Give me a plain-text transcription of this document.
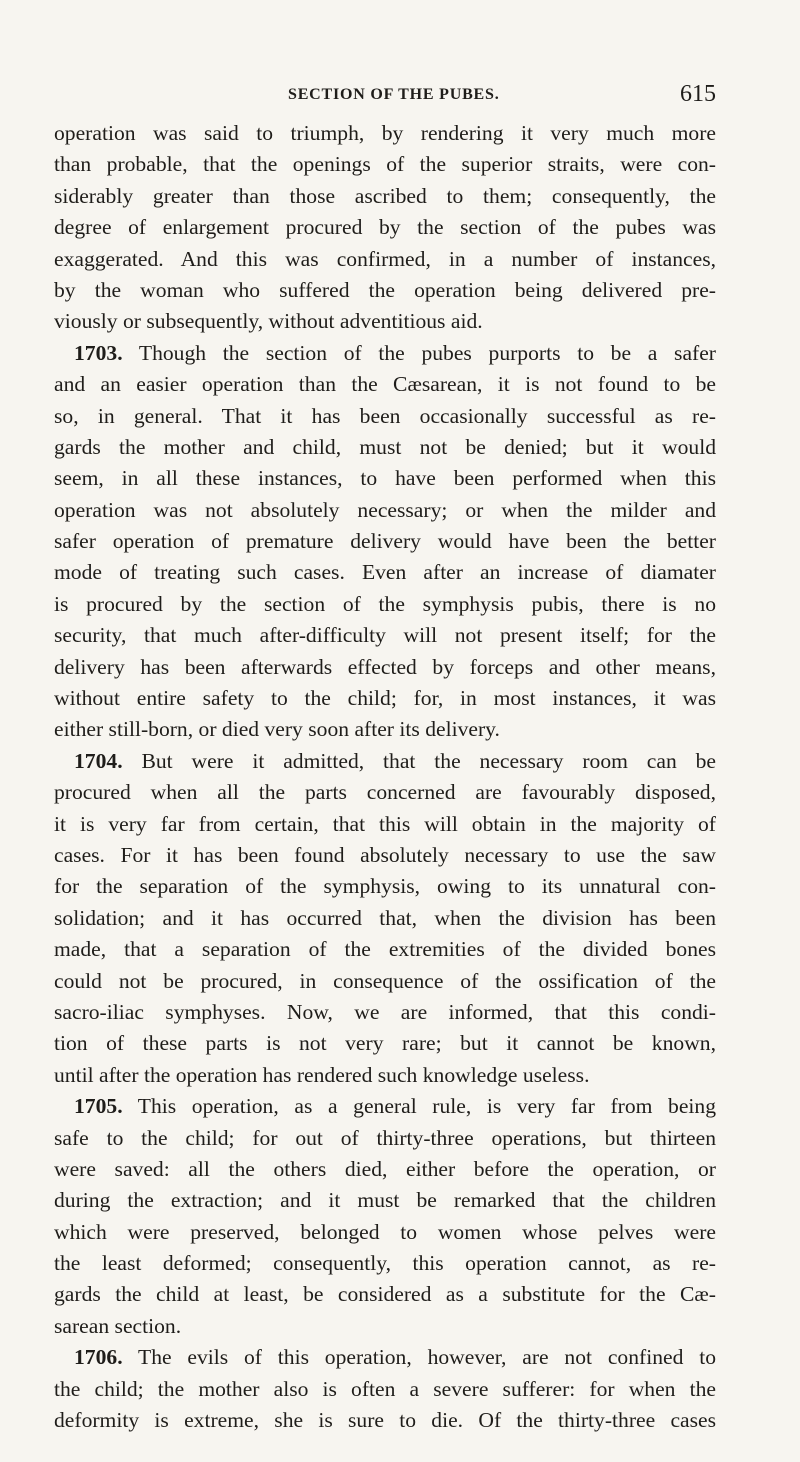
SECTION OF THE PUBES.	615
operation was said to triumph, by rendering it very much more
than probable, that the openings of the superior straits, were con-
siderably greater than those ascribed to them; consequently, the
degree of enlargement procured by the section of the pubes was
exaggerated. And this was confirmed, in a number of instances,
by the woman who suffered the operation being delivered pre-
viously or subsequently, without adventitious aid.
1703. Though the section of the pubes purports to be a safer
and an easier operation than the Cæsarean, it is not found to be
so, in general. That it has been occasionally successful as re-
gards the mother and child, must not be denied; but it would
seem, in all these instances, to have been performed when this
operation was not absolutely necessary; or when the milder and
safer operation of premature delivery would have been the better
mode of treating such cases. Even after an increase of diamater
is procured by the section of the symphysis pubis, there is no
security, that much after-difficulty will not present itself; for the
delivery has been afterwards effected by forceps and other means,
without entire safety to the child; for, in most instances, it was
either still-born, or died very soon after its delivery.
1704. But were it admitted, that the necessary room can be
procured when all the parts concerned are favourably disposed,
it is very far from certain, that this will obtain in the majority of
cases. For it has been found absolutely necessary to use the saw
for the separation of the symphysis, owing to its unnatural con-
solidation; and it has occurred that, when the division has been
made, that a separation of the extremities of the divided bones
could not be procured, in consequence of the ossification of the
sacro-iliac symphyses. Now, we are informed, that this condi-
tion of these parts is not very rare; but it cannot be known,
until after the operation has rendered such knowledge useless.
1705. This operation, as a general rule, is very far from being
safe to the child; for out of thirty-three operations, but thirteen
were saved: all the others died, either before the operation, or
during the extraction; and it must be remarked that the children
which were preserved, belonged to women whose pelves were
the least deformed; consequently, this operation cannot, as re-
gards the child at least, be considered as a substitute for the Cæ-
sarean section.
1706. The evils of this operation, however, are not confined to
the child; the mother also is often a severe sufferer: for when the
deformity is extreme, she is sure to die. Of the thirty-three cases
